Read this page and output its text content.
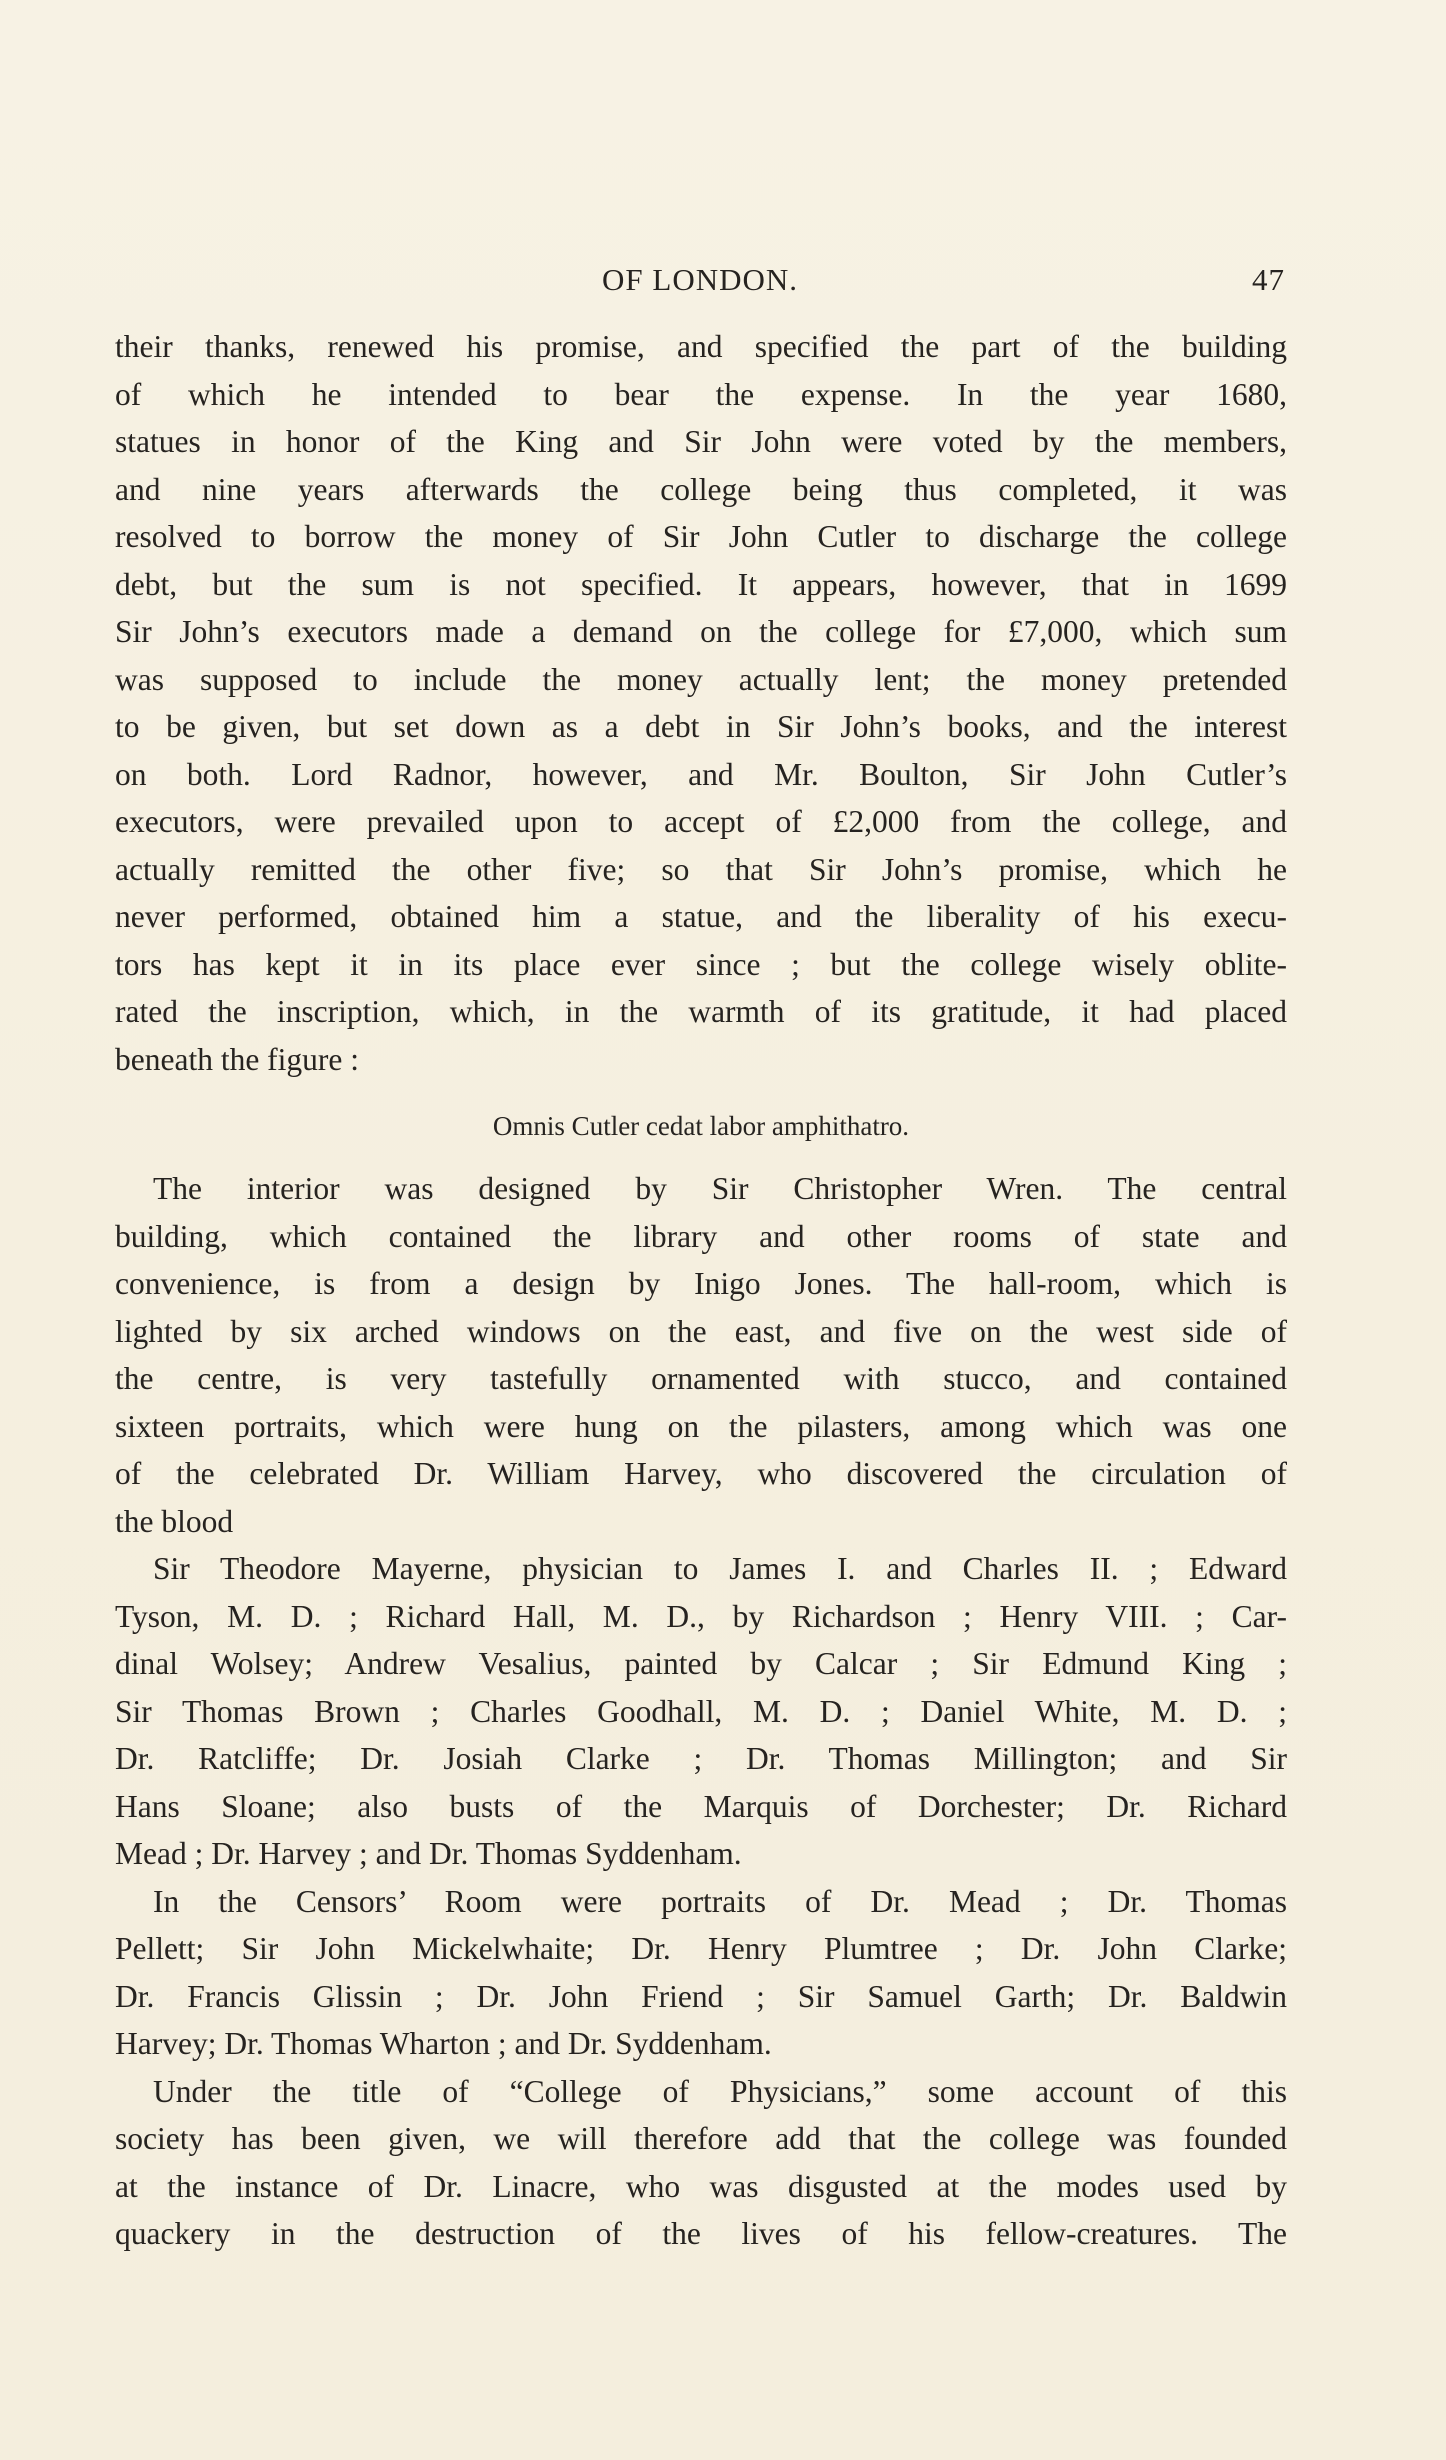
OF LONDON.	47
their thanks, renewed his promise, and specified the part of the building
of which he intended to bear the expense. In the year 1680,
statues in honor of the King and Sir John were voted by the members,
and nine years afterwards the college being thus completed, it was
resolved to borrow the money of Sir John Cutler to discharge the college
debt, but the sum is not specified. It appears, however, that in 1699
Sir John’s executors made a demand on the college for £7,000, which sum
was supposed to include the money actually lent; the money pretended
to be given, but set down as a debt in Sir John’s books, and the interest
on both. Lord Radnor, however, and Mr. Boulton, Sir John Cutler’s
executors, were prevailed upon to accept of £2,000 from the college, and
actually remitted the other five; so that Sir John’s promise, which he
never performed, obtained him a statue, and the liberality of his execu-
tors has kept it in its place ever since ; but the college wisely oblite-
rated the inscription, which, in the warmth of its gratitude, it had placed
beneath the figure :
Omnis Cutler cedat labor amphithatro.
The interior was designed by Sir Christopher Wren. The central
building, which contained the library and other rooms of state and
convenience, is from a design by Inigo Jones. The hall-room, which is
lighted by six arched windows on the east, and five on the west side of
the centre, is very tastefully ornamented with stucco, and contained
sixteen portraits, which were hung on the pilasters, among which was one
of the celebrated Dr. William Harvey, who discovered the circulation of
the blood
Sir Theodore Mayerne, physician to James I. and Charles II. ; Edward
Tyson, M. D. ; Richard Hall, M. D., by Richardson ; Henry VIII. ; Car-
dinal Wolsey; Andrew Vesalius, painted by Calcar ; Sir Edmund King ;
Sir Thomas Brown ; Charles Goodhall, M. D. ; Daniel White, M. D. ;
Dr. Ratcliffe; Dr. Josiah Clarke ; Dr. Thomas Millington; and Sir
Hans Sloane; also busts of the Marquis of Dorchester; Dr. Richard
Mead ; Dr. Harvey ; and Dr. Thomas Syddenham.
In the Censors’ Room were portraits of Dr. Mead ; Dr. Thomas
Pellett; Sir John Mickelwhaite; Dr. Henry Plumtree ; Dr. John Clarke;
Dr. Francis Glissin ; Dr. John Friend ; Sir Samuel Garth; Dr. Baldwin
Harvey; Dr. Thomas Wharton ; and Dr. Syddenham.
Under the title of “College of Physicians,” some account of this
society has been given, we will therefore add that the college was founded
at the instance of Dr. Linacre, who was disgusted at the modes used by
quackery in the destruction of the lives of his fellow-creatures. The
